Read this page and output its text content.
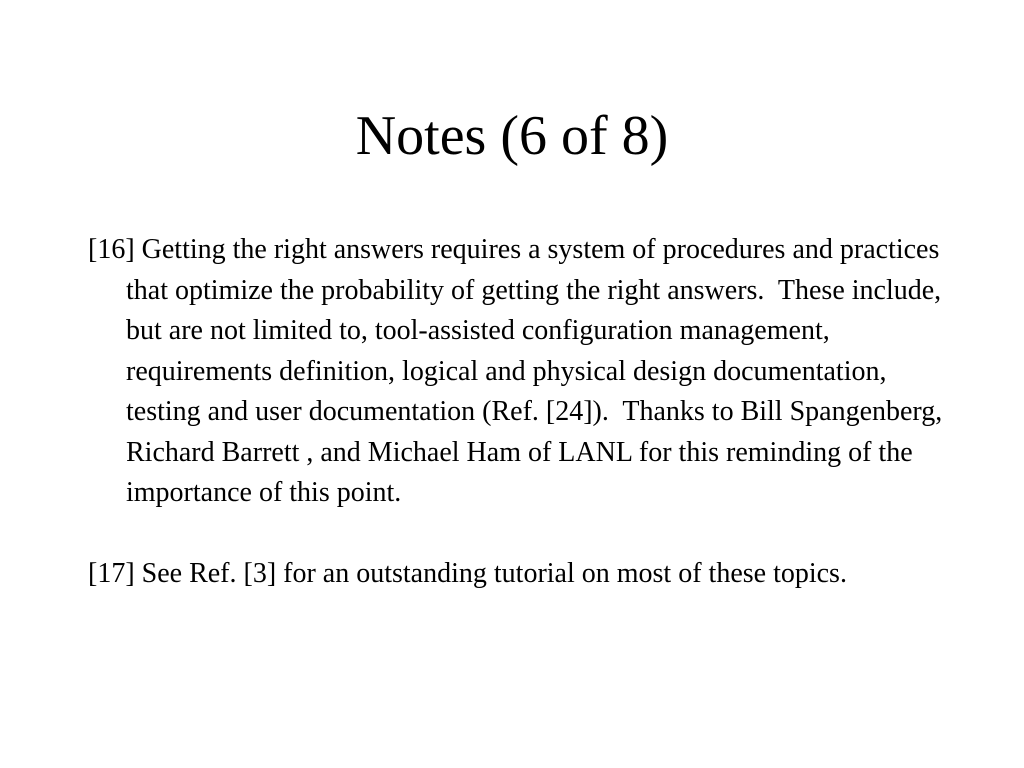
Notes (6 of 8)
[16] Getting the right answers requires a system of procedures and practices that optimize the probability of getting the right answers.  These include, but are not limited to, tool-assisted configuration management, requirements definition, logical and physical design documentation, testing and user documentation (Ref. [24]).  Thanks to Bill Spangenberg, Richard Barrett , and Michael Ham of LANL for this reminding of the importance of this point.
[17] See Ref. [3] for an outstanding tutorial on most of these topics.
